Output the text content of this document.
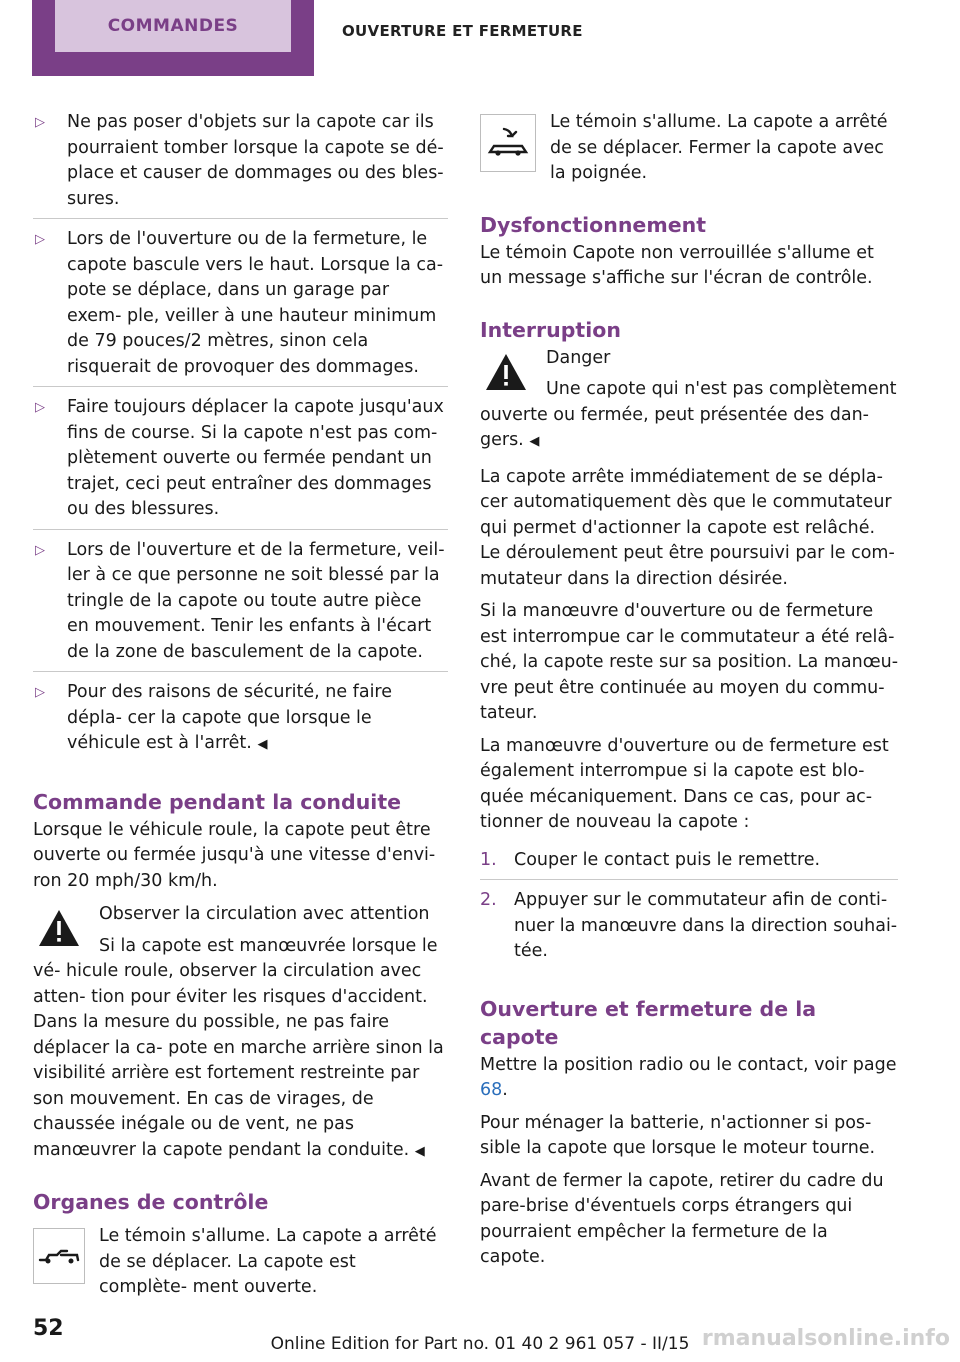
COMMANDES	OUVERTURE ET FERMETURE
▷ Ne pas poser d'objets sur la capote car ils pourraient tomber lorsque la capote se dé‐ place et causer de dommages ou des bles‐ sures.
▷ Lors de l'ouverture ou de la fermeture, le capote bascule vers le haut. Lorsque la ca‐ pote se déplace, dans un garage par exem‐ ple, veiller à une hauteur minimum de 79 pouces/2 mètres, sinon cela risquerait de provoquer des dommages.
▷ Faire toujours déplacer la capote jusqu'aux fins de course. Si la capote n'est pas com‐ plètement ouverte ou fermée pendant un trajet, ceci peut entraîner des dommages ou des blessures.
▷ Lors de l'ouverture et de la fermeture, veil‐ ler à ce que personne ne soit blessé par la tringle de la capote ou toute autre pièce en mouvement. Tenir les enfants à l'écart de la zone de basculement de la capote.
▷ Pour des raisons de sécurité, ne faire dépla‐ cer la capote que lorsque le véhicule est à l'arrêt. ◀
Commande pendant la conduite

Lorsque le véhicule roule, la capote peut être ouverte ou fermée jusqu'à une vitesse d'envi‐ ron 20 mph/30 km/h.

Observer la circulation avec attention
Si la capote est manœuvrée lorsque le vé‐ hicule roule, observer la circulation avec atten‐ tion pour éviter les risques d'accident. Dans la mesure du possible, ne pas faire déplacer la ca‐ pote en marche arrière sinon la visibilité arrière est fortement restreinte par son mouvement. En cas de virages, de chaussée inégale ou de vent, ne pas manœuvrer la capote pendant la conduite. ◀
Organes de contrôle
Le témoin s'allume. La capote a arrêté de se déplacer. La capote est complète‐ ment ouverte.
Le témoin s'allume. La capote a arrêté de se déplacer. Fermer la capote avec la poignée.
Dysfonctionnement

Le témoin Capote non verrouillée s'allume et un message s'affiche sur l'écran de contrôle.

Interruption
Danger
Une capote qui n'est pas complètement ouverte ou fermée, peut présentée des dan‐ gers. ◀

La capote arrête immédiatement de se dépla‐ cer automatiquement dès que le commutateur qui permet d'actionner la capote est relâché. Le déroulement peut être poursuivi par le com‐ mutateur dans la direction désirée.

Si la manœuvre d'ouverture ou de fermeture est interrompue car le commutateur a été relâ‐ ché, la capote reste sur sa position. La manœu‐ vre peut être continuée au moyen du commu‐ tateur.

La manœuvre d'ouverture ou de fermeture est également interrompue si la capote est blo‐ quée mécaniquement. Dans ce cas, pour ac‐ tionner de nouveau la capote :

1. Couper le contact puis le remettre.
2. Appuyer sur le commutateur afin de conti‐ nuer la manœuvre dans la direction souhai‐ tée.
Ouverture et fermeture de la capote

Mettre la position radio ou le contact, voir page 68.

Pour ménager la batterie, n'actionner si pos‐ sible la capote que lorsque le moteur tourne.

Avant de fermer la capote, retirer du cadre du pare-brise d'éventuels corps étrangers qui pourraient empêcher la fermeture de la capote.

52
Online Edition for Part no. 01 40 2 961 057 - II/15 rmanualsonline.info
